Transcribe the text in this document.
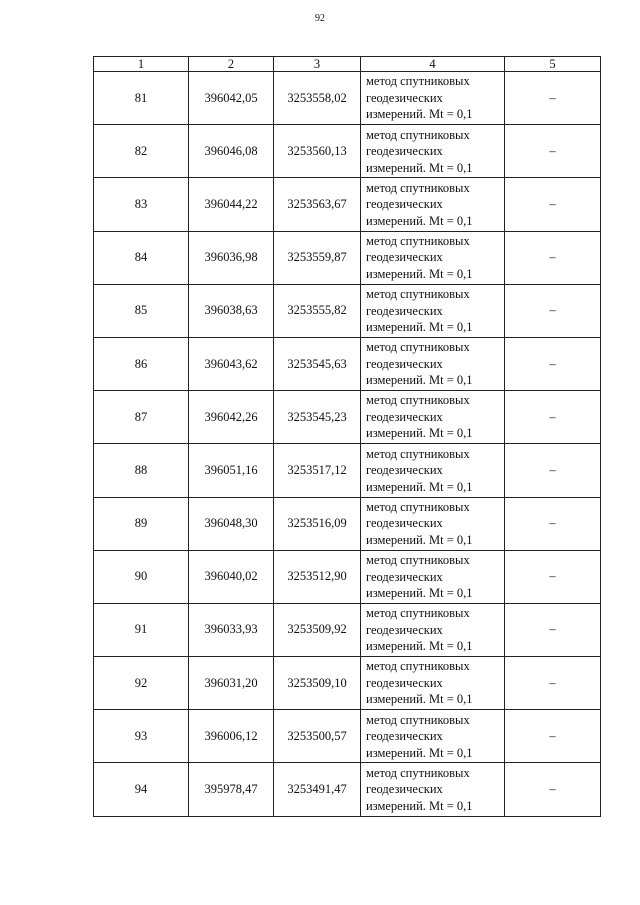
92
1	2	3	4	5
81	396042,05	3253558,02	метод спутниковых
геодезических
измерений. Mt = 0,1	–
82	396046,08	3253560,13	метод спутниковых
геодезических
измерений. Mt = 0,1	–
83	396044,22	3253563,67	метод спутниковых
геодезических
измерений. Mt = 0,1	–
84	396036,98	3253559,87	метод спутниковых
геодезических
измерений. Mt = 0,1	–
85	396038,63	3253555,82	метод спутниковых
геодезических
измерений. Mt = 0,1	–
86	396043,62	3253545,63	метод спутниковых
геодезических
измерений. Mt = 0,1	–
87	396042,26	3253545,23	метод спутниковых
геодезических
измерений. Mt = 0,1	–
88	396051,16	3253517,12	метод спутниковых
геодезических
измерений. Mt = 0,1	–
89	396048,30	3253516,09	метод спутниковых
геодезических
измерений. Mt = 0,1	–
90	396040,02	3253512,90	метод спутниковых
геодезических
измерений. Mt = 0,1	–
91	396033,93	3253509,92	метод спутниковых
геодезических
измерений. Mt = 0,1	–
92	396031,20	3253509,10	метод спутниковых
геодезических
измерений. Mt = 0,1	–
93	396006,12	3253500,57	метод спутниковых
геодезических
измерений. Mt = 0,1	–
94	395978,47	3253491,47	метод спутниковых
геодезических
измерений. Mt = 0,1	–
